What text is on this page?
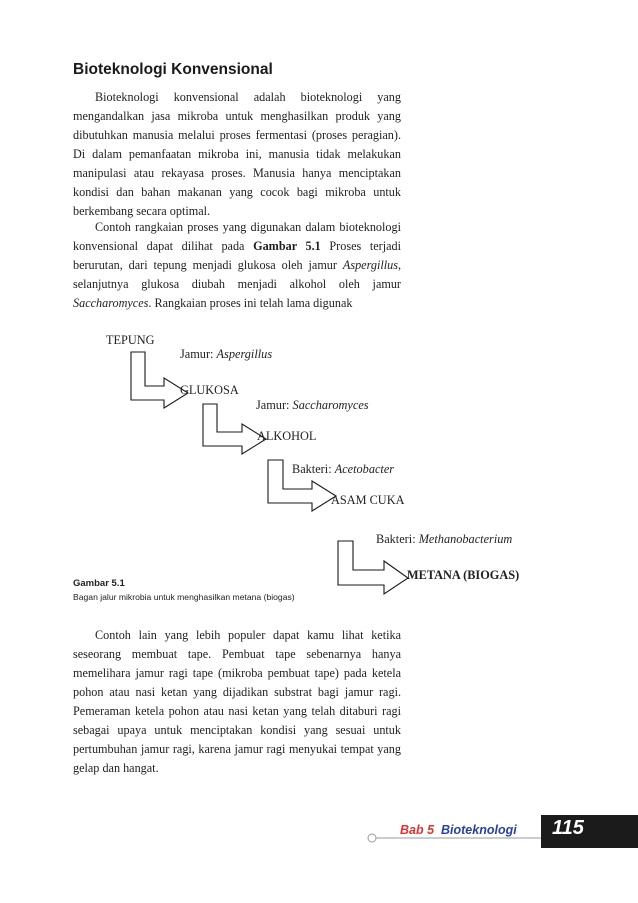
Bioteknologi Konvensional

Bioteknologi konvensional adalah bioteknologi yang mengandalkan jasa mikroba untuk menghasilkan produk yang dibutuhkan manusia melalui proses fermentasi (proses peragian). Di dalam pemanfaatan mikroba ini, manusia tidak melakukan manipulasi atau rekayasa proses. Manusia hanya menciptakan kondisi dan bahan makanan yang cocok bagi mikroba untuk berkembang secara optimal.

Contoh rangkaian proses yang digunakan dalam bioteknologi konvensional dapat dilihat pada Gambar 5.1 Proses terjadi berurutan, dari tepung menjadi glukosa oleh jamur Aspergillus, selanjutnya glukosa diubah menjadi alkohol oleh jamur Saccharomyces. Rangkaian proses ini telah lama digunak

TEPUNG
Jamur: Aspergillus
GLUKOSA
Jamur: Saccharomyces
ALKOHOL
Bakteri: Acetobacter
ASAM CUKA
Bakteri: Methanobacterium
METANA (BIOGAS)
Gambar 5.1
Bagan jalur mikrobia untuk menghasilkan metana (biogas)

Contoh lain yang lebih populer dapat kamu lihat ketika seseorang membuat tape. Pembuat tape sebenarnya hanya memelihara jamur ragi tape (mikroba pembuat tape) pada ketela pohon atau nasi ketan yang dijadikan substrat bagi jamur ragi. Pemeraman ketela pohon atau nasi ketan yang telah ditaburi ragi sebagai upaya untuk menciptakan kondisi yang sesuai untuk pertumbuhan jamur ragi, karena jamur ragi menyukai tempat yang gelap dan hangat.

Bab 5 Bioteknologi 115
